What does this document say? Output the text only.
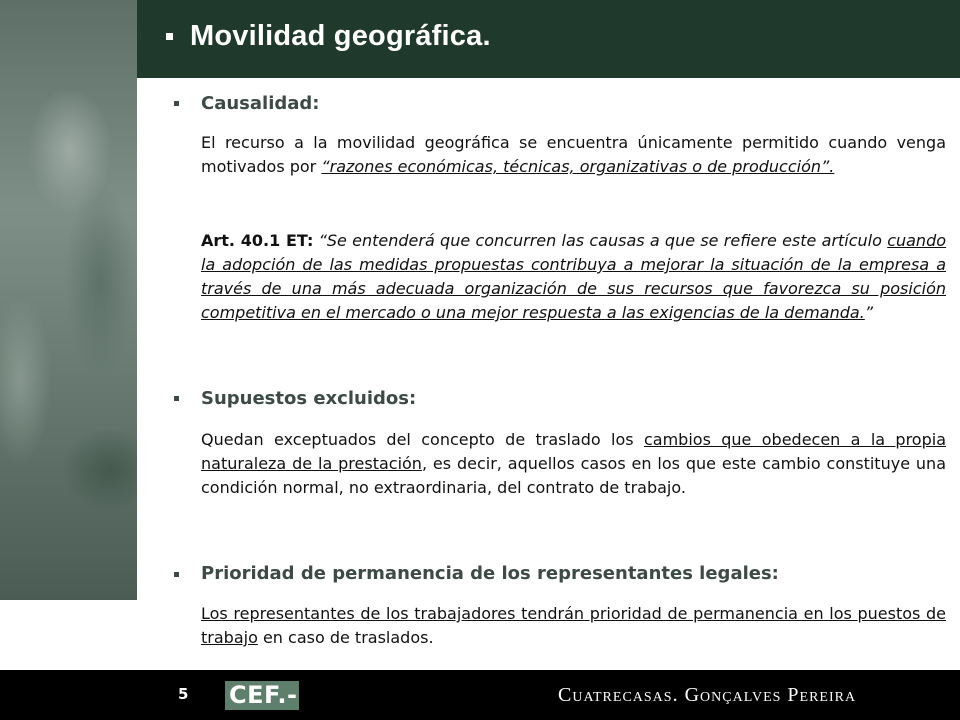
Movilidad geográfica.
Causalidad:

El recurso a la movilidad geográfica se encuentra únicamente permitido cuando venga motivados por “razones económicas, técnicas, organizativas o de producción”.

Art. 40.1 ET: “Se entenderá que concurren las causas a que se refiere este artículo cuando la adopción de las medidas propuestas contribuya a mejorar la situación de la empresa a través de una más adecuada organización de sus recursos que favorezca su posición competitiva en el mercado o una mejor respuesta a las exigencias de la demanda.”

Supuestos excluidos:

Quedan exceptuados del concepto de traslado los cambios que obedecen a la propia naturaleza de la prestación, es decir, aquellos casos en los que este cambio constituye una condición normal, no extraordinaria, del contrato de trabajo.

Prioridad de permanencia de los representantes legales:

Los representantes de los trabajadores tendrán prioridad de permanencia en los puestos de trabajo en caso de traslados.

5 CEF.-	Cuatrecasas. Gonçalves Pereira
